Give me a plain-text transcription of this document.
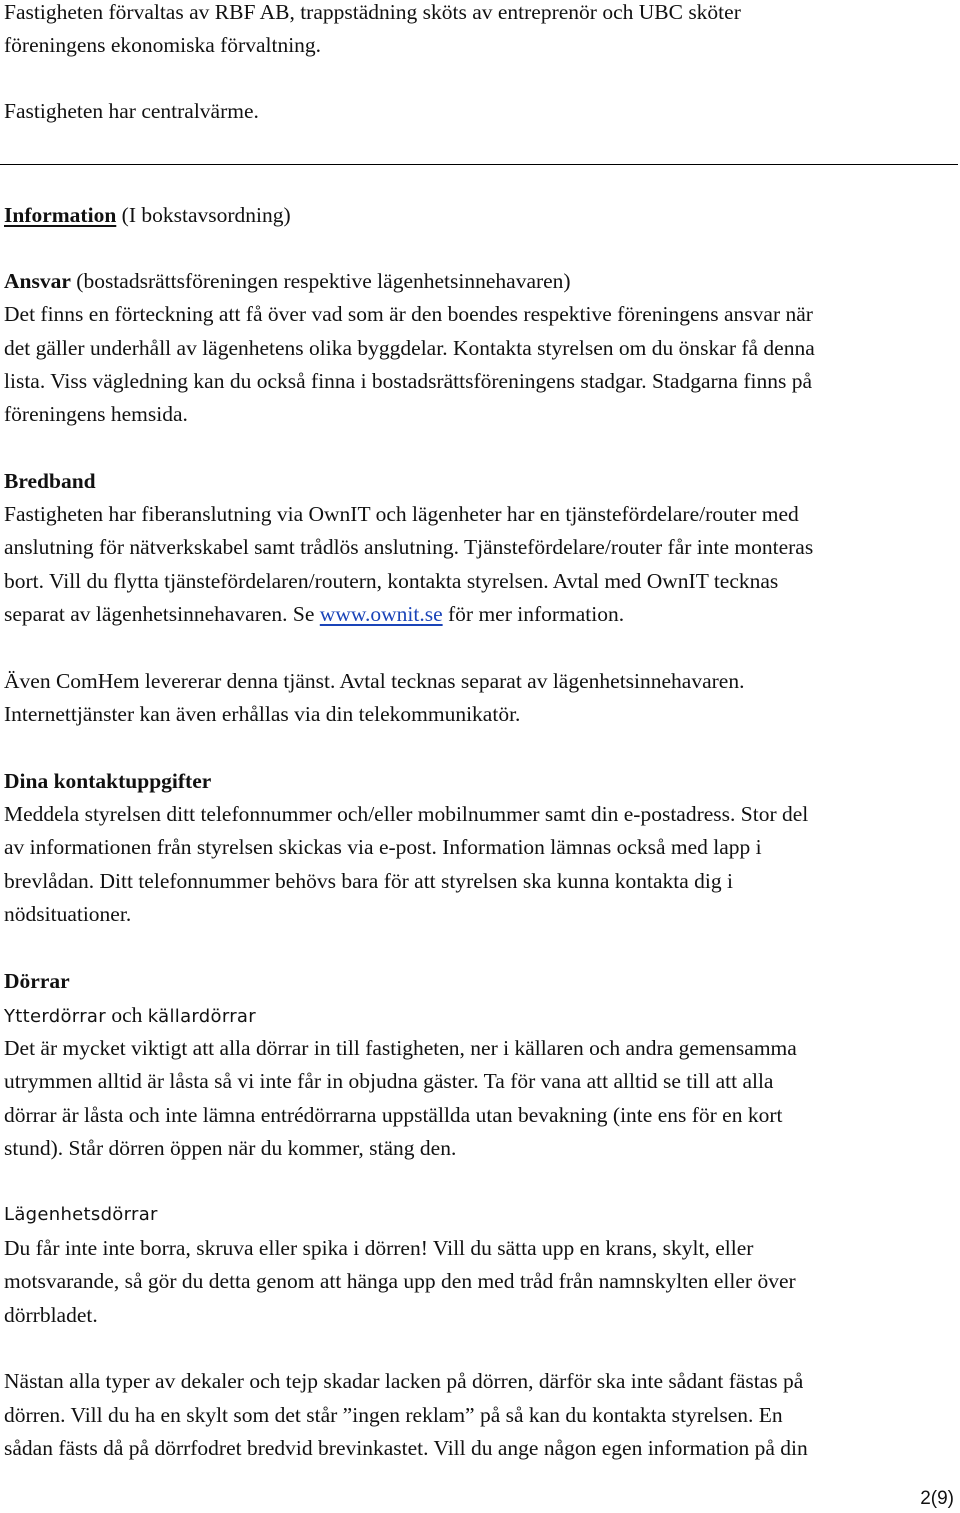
Fastigheten förvaltas av RBF AB, trappstädning sköts av entreprenör och UBC sköter
föreningens ekonomiska förvaltning.
Fastigheten har centralvärme.
Information (I bokstavsordning)
Ansvar (bostadsrättsföreningen respektive lägenhetsinnehavaren)
Det finns en förteckning att få över vad som är den boendes respektive föreningens ansvar när
det gäller underhåll av lägenhetens olika byggdelar. Kontakta styrelsen om du önskar få denna
lista. Viss vägledning kan du också finna i bostadsrättsföreningens stadgar. Stadgarna finns på
föreningens hemsida.
Bredband
Fastigheten har fiberanslutning via OwnIT och lägenheter har en tjänstefördelare/router med
anslutning för nätverkskabel samt trådlös anslutning. Tjänstefördelare/router får inte monteras
bort. Vill du flytta tjänstefördelaren/routern, kontakta styrelsen. Avtal med OwnIT tecknas
separat av lägenhetsinnehavaren. Se www.ownit.se för mer information.
Även ComHem levererar denna tjänst. Avtal tecknas separat av lägenhetsinnehavaren.
Internettjänster kan även erhållas via din telekommunikatör.
Dina kontaktuppgifter
Meddela styrelsen ditt telefonnummer och/eller mobilnummer samt din e-postadress. Stor del
av informationen från styrelsen skickas via e-post. Information lämnas också med lapp i
brevlådan. Ditt telefonnummer behövs bara för att styrelsen ska kunna kontakta dig i
nödsituationer.
Dörrar
Ytterdörrar och källardörrar
Det är mycket viktigt att alla dörrar in till fastigheten, ner i källaren och andra gemensamma
utrymmen alltid är låsta så vi inte får in objudna gäster. Ta för vana att alltid se till att alla
dörrar är låsta och inte lämna entrédörrarna uppställda utan bevakning (inte ens för en kort
stund). Står dörren öppen när du kommer, stäng den.
Lägenhetsdörrar
Du får inte inte borra, skruva eller spika i dörren! Vill du sätta upp en krans, skylt, eller
motsvarande, så gör du detta genom att hänga upp den med tråd från namnskylten eller över
dörrbladet.
Nästan alla typer av dekaler och tejp skadar lacken på dörren, därför ska inte sådant fästas på
dörren. Vill du ha en skylt som det står ”ingen reklam” på så kan du kontakta styrelsen. En
sådan fästs då på dörrfodret bredvid brevinkastet. Vill du ange någon egen information på din
2(9)
